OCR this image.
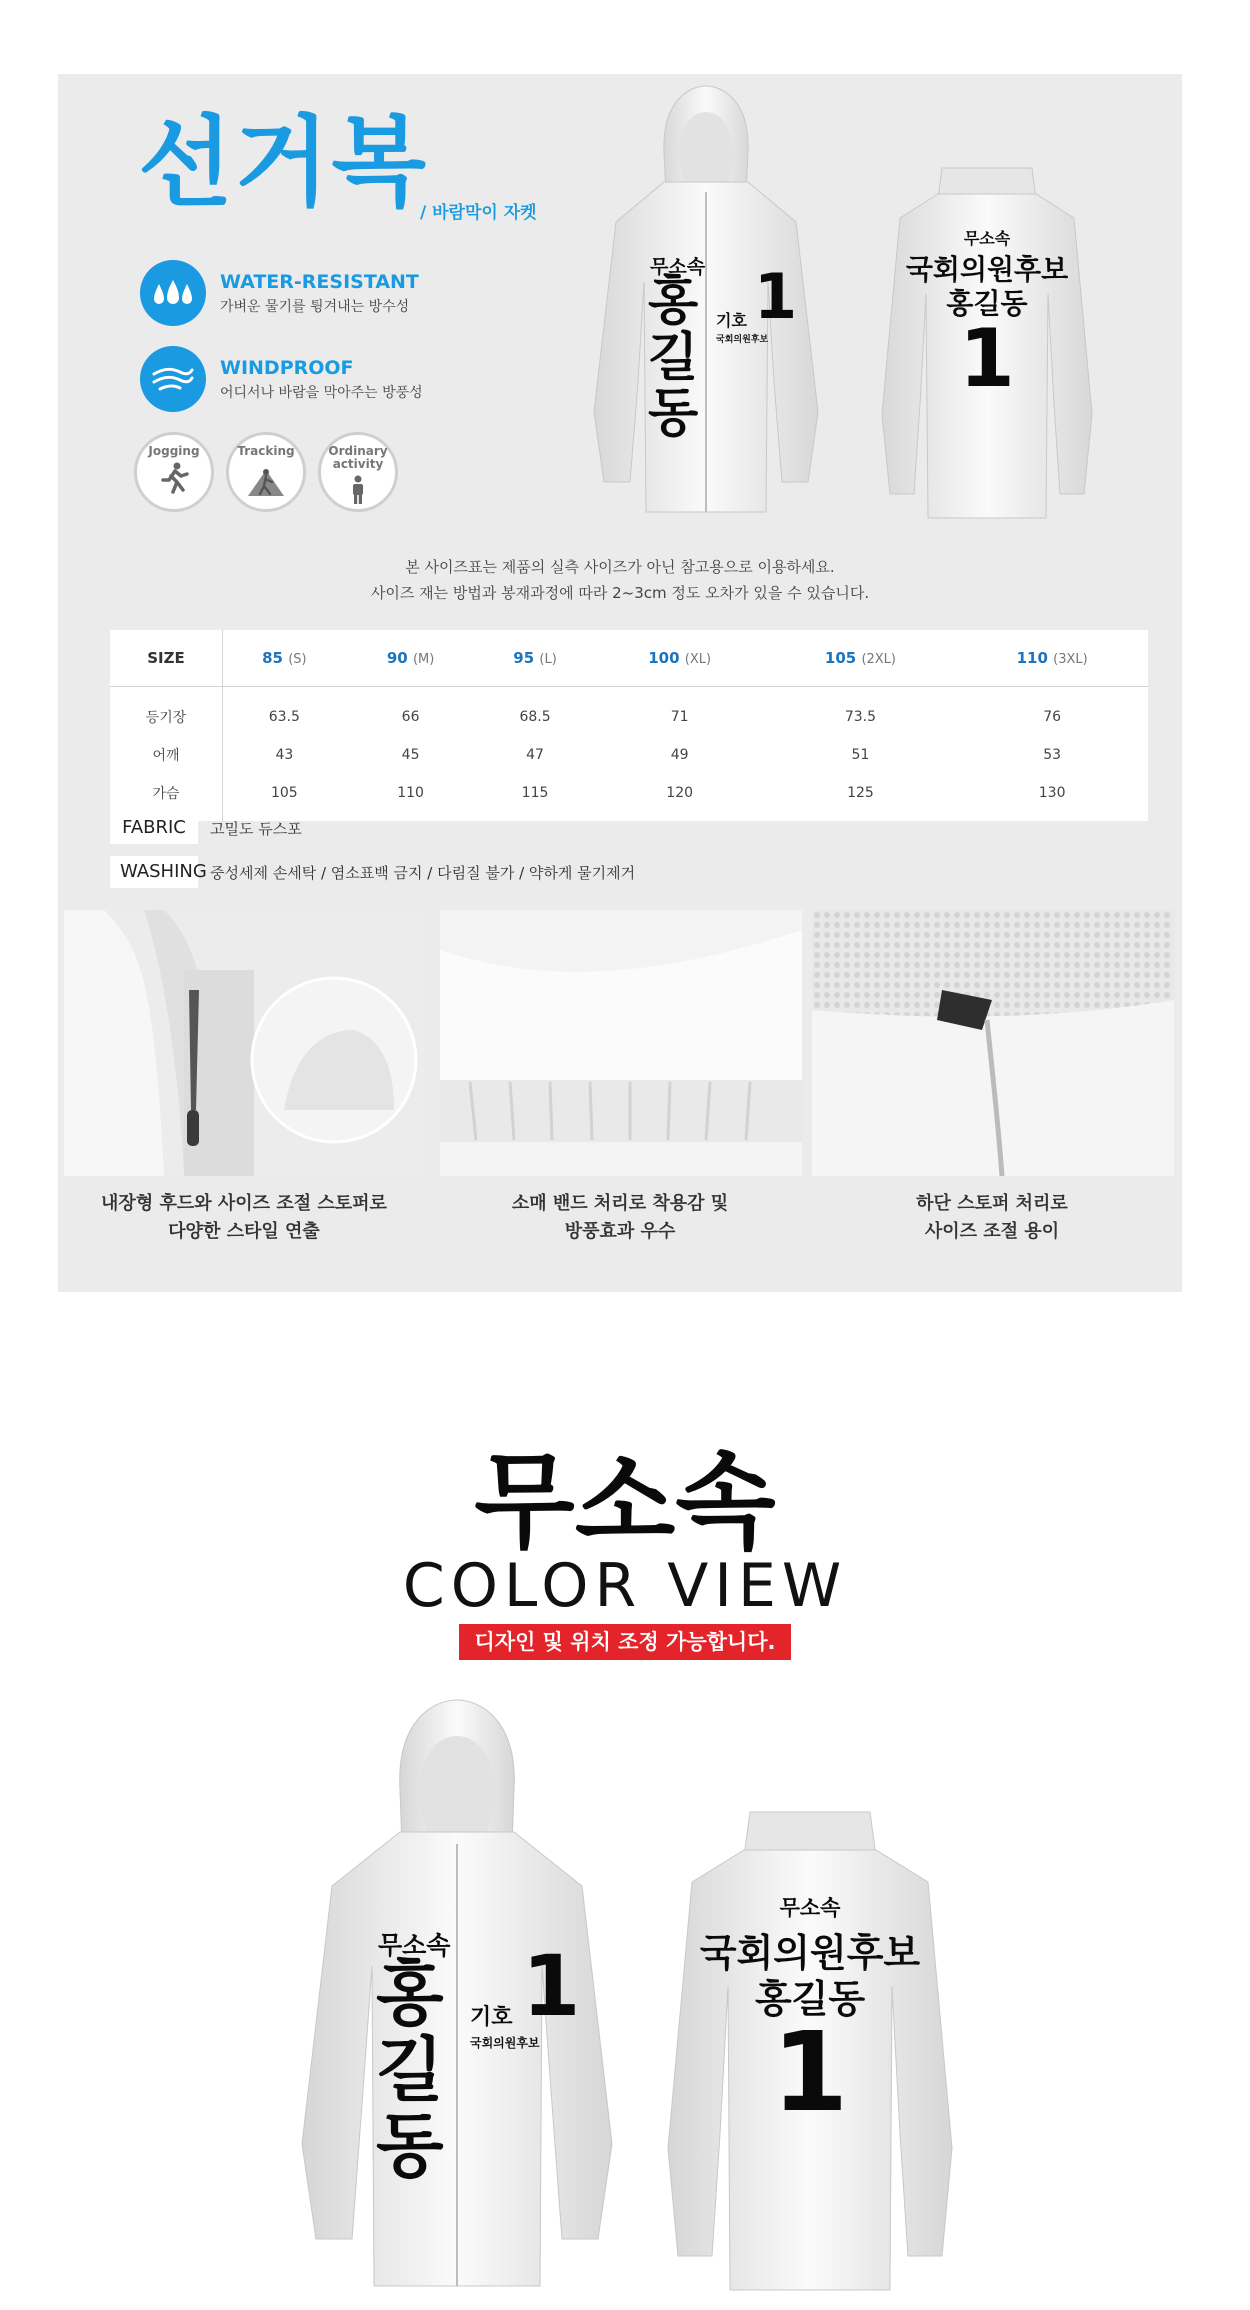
선거복
/ 바람막이 자켓
WATER-RESISTANT
가벼운 물기를 튕겨내는 방수성
WINDPROOF
어디서나 바람을 막아주는 방풍성
Jogging	Tracking	Ordinary
activity
무소속
홍
길
동
기호 1
국회의원후보
무소속
국회의원후보
홍길동
1
본 사이즈표는 제품의 실측 사이즈가 아닌 참고용으로 이용하세요.
사이즈 재는 방법과 봉재과정에 따라 2~3cm 정도 오차가 있을 수 있습니다.
SIZE	85 (S)	90 (M)	95 (L)	100 (XL)	105 (2XL)	110 (3XL)
등기장	63.5	66	68.5	71	73.5	76
어깨	43	45	47	49	51	53
가슴	105	110	115	120	125	130
FABRIC	고밀도 듀스포
WASHING 중성세제 손세탁 / 염소표백 금지 / 다림질 불가 / 약하게 물기제거
내장형 후드와 사이즈 조절 스토퍼로
다양한 스타일 연출
소매 밴드 처리로 착용감 및
방풍효과 우수
하단 스토퍼 처리로
사이즈 조절 용이
무소속
COLOR VIEW
디자인 및 위치 조정 가능합니다.
무소속
홍
길
동
기호 1
국회의원후보
무소속
국회의원후보
홍길동
1
